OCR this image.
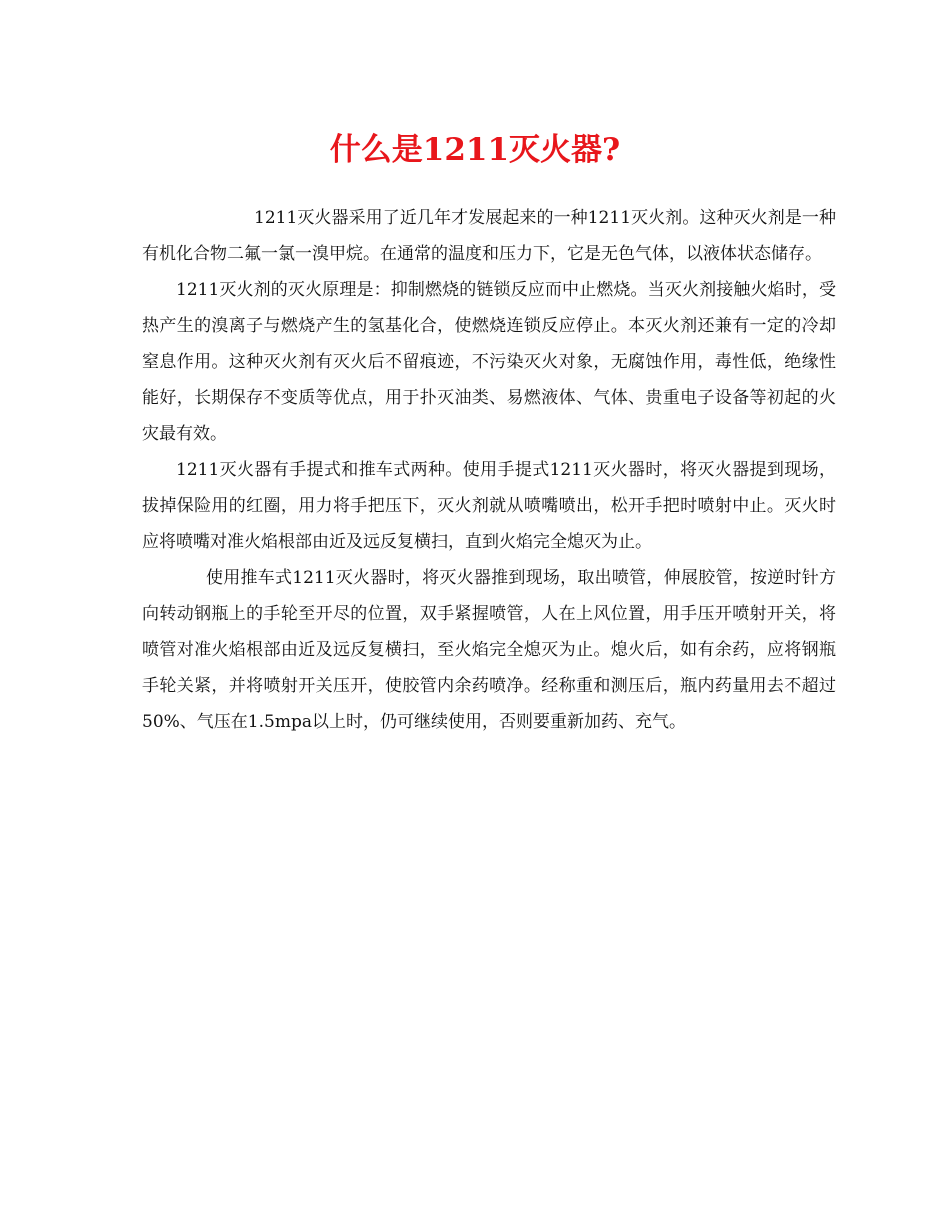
什么是1211灭火器?

1211灭火器采用了近几年才发展起来的一种1211灭火剂。这种灭火剂是一种有机化合物二氟一氯一溴甲烷。在通常的温度和压力下，它是无色气体，以液体状态储存。

1211灭火剂的灭火原理是：抑制燃烧的链锁反应而中止燃烧。当灭火剂接触火焰时，受热产生的溴离子与燃烧产生的氢基化合，使燃烧连锁反应停止。本灭火剂还兼有一定的冷却窒息作用。这种灭火剂有灭火后不留痕迹，不污染灭火对象，无腐蚀作用，毒性低，绝缘性能好，长期保存不变质等优点，用于扑灭油类、易燃液体、气体、贵重电子设备等初起的火灾最有效。

1211灭火器有手提式和推车式两种。使用手提式1211灭火器时，将灭火器提到现场，拔掉保险用的红圈，用力将手把压下，灭火剂就从喷嘴喷出，松开手把时喷射中止。灭火时应将喷嘴对准火焰根部由近及远反复横扫，直到火焰完全熄灭为止。

使用推车式1211灭火器时，将灭火器推到现场，取出喷管，伸展胶管，按逆时针方向转动钢瓶上的手轮至开尽的位置，双手紧握喷管，人在上风位置，用手压开喷射开关，将喷管对准火焰根部由近及远反复横扫，至火焰完全熄灭为止。熄火后，如有余药，应将钢瓶手轮关紧，并将喷射开关压开，使胶管内余药喷净。经称重和测压后，瓶内药量用去不超过50%、气压在1.5mpa以上时，仍可继续使用，否则要重新加药、充气。
